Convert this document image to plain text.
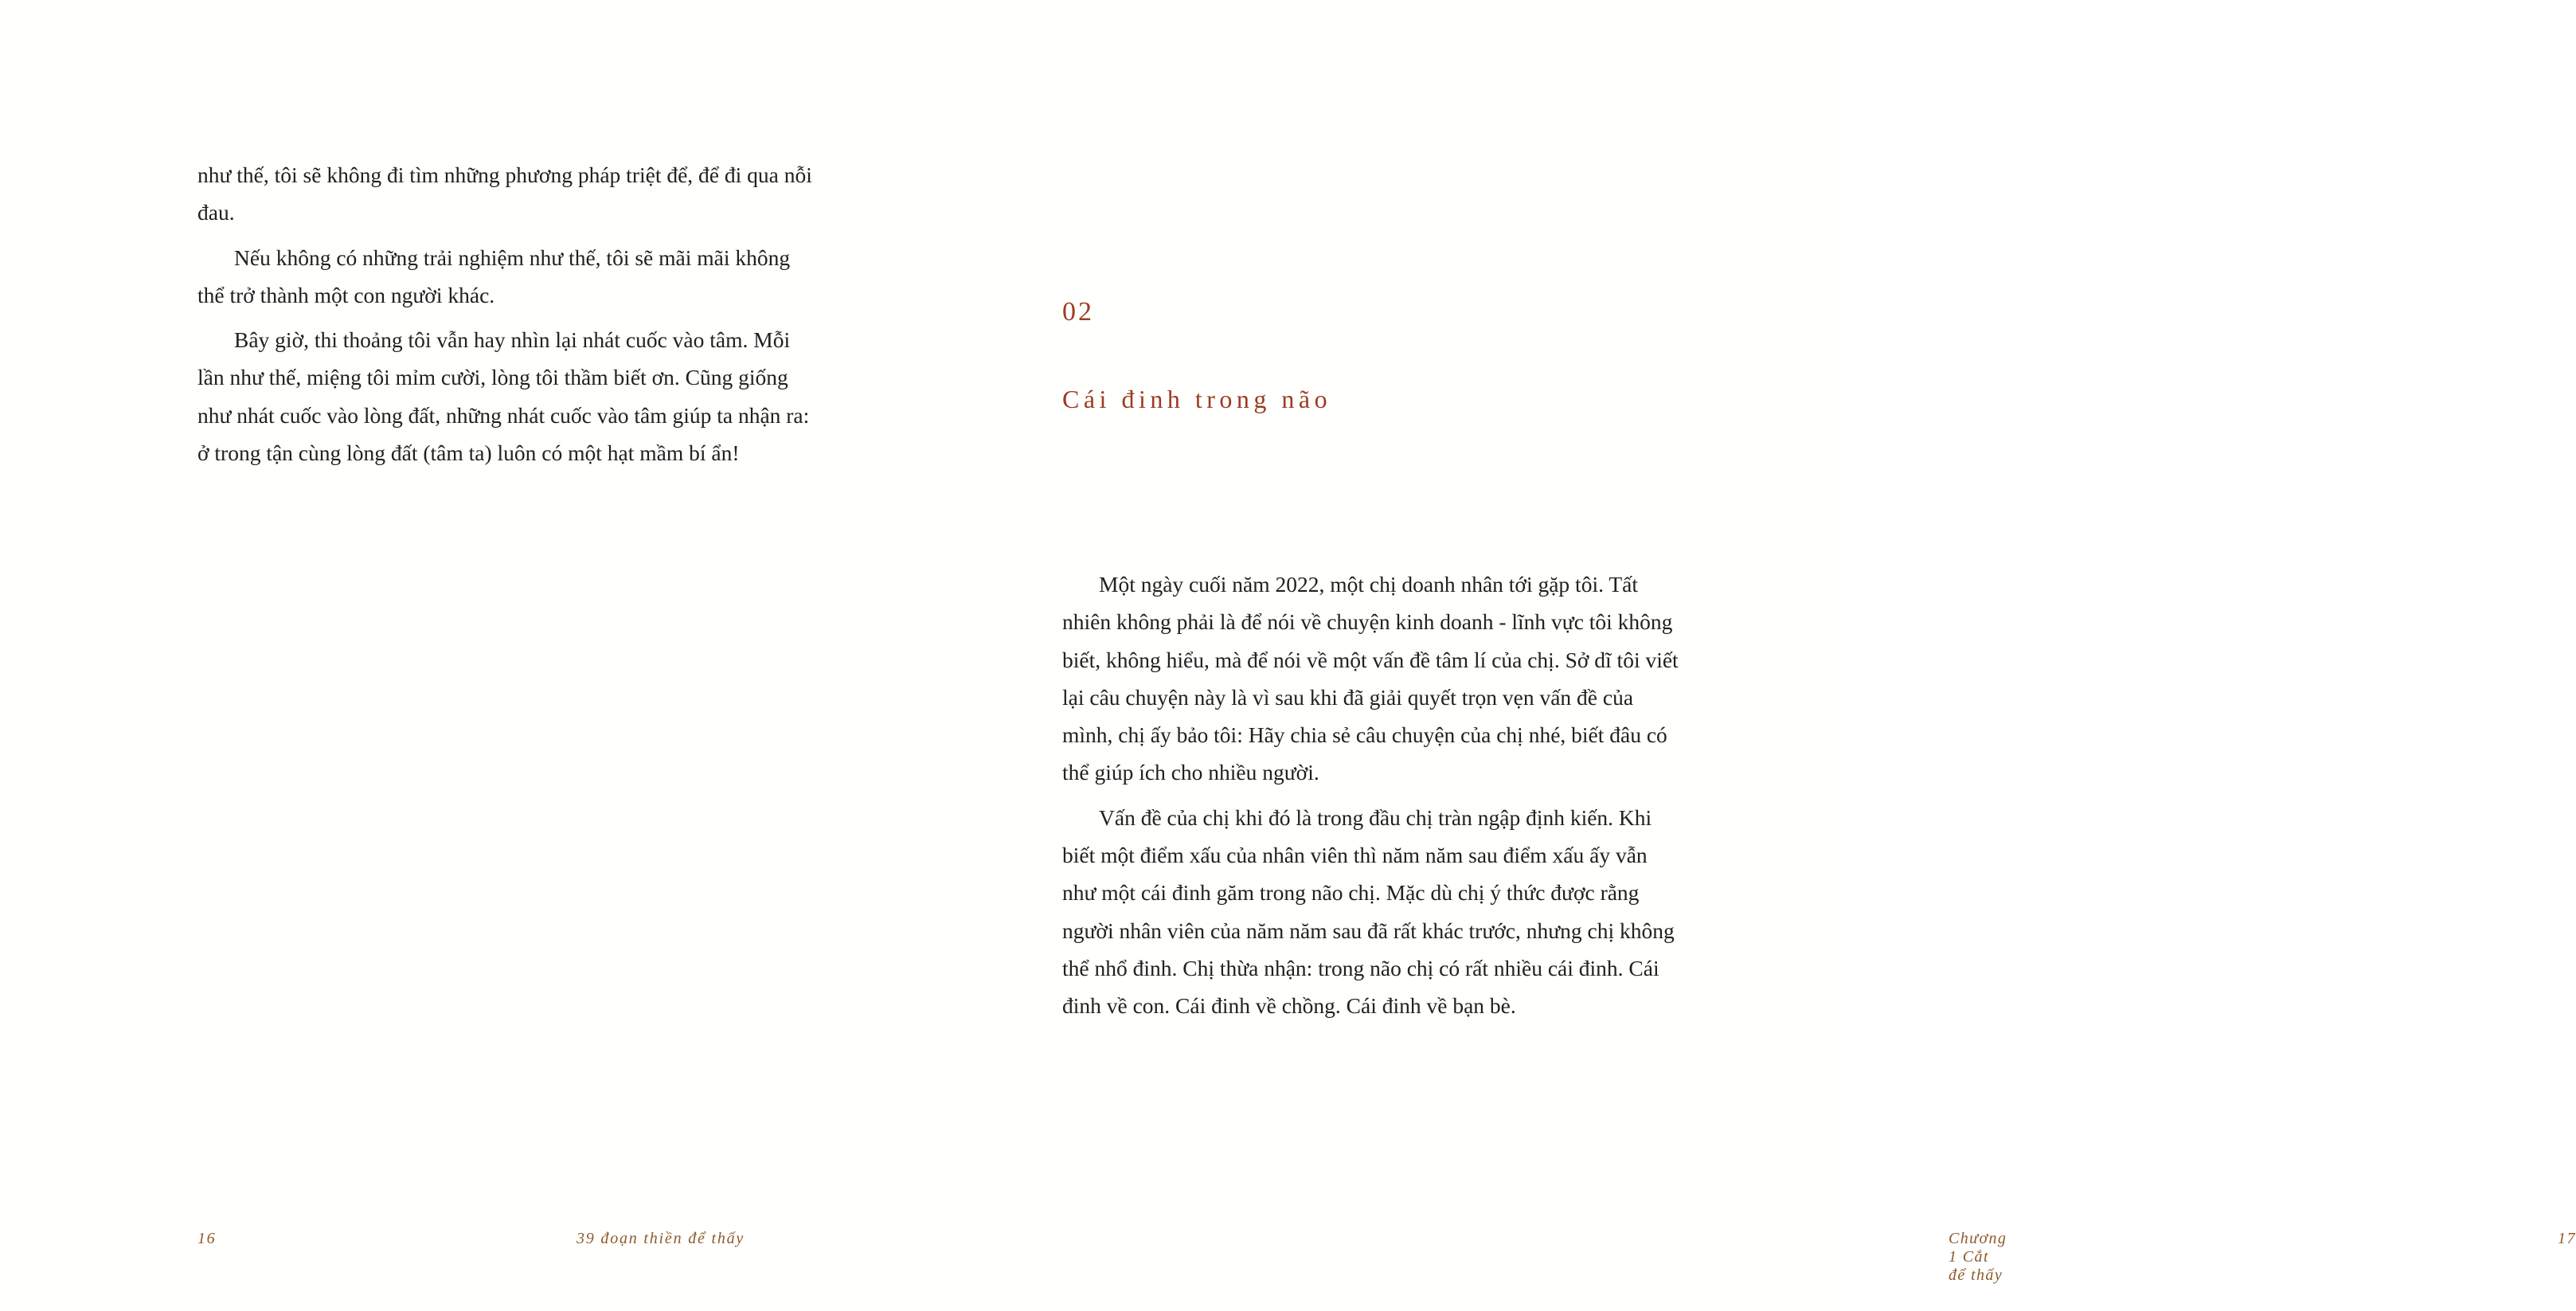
như thế, tôi sẽ không đi tìm những phương pháp triệt để, để đi qua nỗi đau.

Nếu không có những trải nghiệm như thế, tôi sẽ mãi mãi không thể trở thành một con người khác.

Bây giờ, thi thoảng tôi vẫn hay nhìn lại nhát cuốc vào tâm. Mỗi lần như thế, miệng tôi mỉm cười, lòng tôi thầm biết ơn. Cũng giống như nhát cuốc vào lòng đất, những nhát cuốc vào tâm giúp ta nhận ra: ở trong tận cùng lòng đất (tâm ta) luôn có một hạt mầm bí ẩn!

16	39 đoạn thiền để thấy
02
Cái đinh trong não

Một ngày cuối năm 2022, một chị doanh nhân tới gặp tôi. Tất nhiên không phải là để nói về chuyện kinh doanh - lĩnh vực tôi không biết, không hiểu, mà để nói về một vấn đề tâm lí của chị. Sở dĩ tôi viết lại câu chuyện này là vì sau khi đã giải quyết trọn vẹn vấn đề của mình, chị ấy bảo tôi: Hãy chia sẻ câu chuyện của chị nhé, biết đâu có thể giúp ích cho nhiều người.

Vấn đề của chị khi đó là trong đầu chị tràn ngập định kiến. Khi biết một điểm xấu của nhân viên thì năm năm sau điểm xấu ấy vẫn như một cái đinh găm trong não chị. Mặc dù chị ý thức được rằng người nhân viên của năm năm sau đã rất khác trước, nhưng chị không thể nhổ đinh. Chị thừa nhận: trong não chị có rất nhiều cái đinh. Cái đinh về con. Cái đinh về chồng. Cái đinh về bạn bè.

Chương 1 Cắt để thấy
17
